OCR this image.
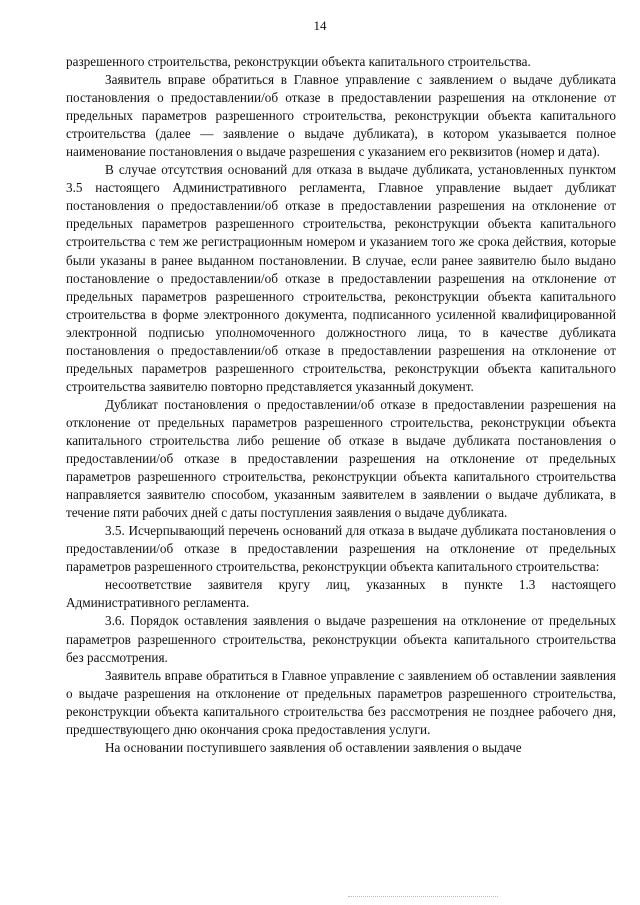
14

разрешенного строительства, реконструкции объекта капитального строительства.

Заявитель вправе обратиться в Главное управление с заявлением о выдаче дубликата постановления о предоставлении/об отказе в предоставлении разрешения на отклонение от предельных параметров разрешенного строительства, реконструкции объекта капитального строительства (далее — заявление о выдаче дубликата), в котором указывается полное наименование постановления о выдаче разрешения с указанием его реквизитов (номер и дата).

В случае отсутствия оснований для отказа в выдаче дубликата, установленных пунктом 3.5 настоящего Административного регламента, Главное управление выдает дубликат постановления о предоставлении/об отказе в предоставлении разрешения на отклонение от предельных параметров разрешенного строительства, реконструкции объекта капитального строительства с тем же регистрационным номером и указанием того же срока действия, которые были указаны в ранее выданном постановлении. В случае, если ранее заявителю было выдано постановление о предоставлении/об отказе в предоставлении разрешения на отклонение от предельных параметров разрешенного строительства, реконструкции объекта капитального строительства в форме электронного документа, подписанного усиленной квалифицированной электронной подписью уполномоченного должностного лица, то в качестве дубликата постановления о предоставлении/об отказе в предоставлении разрешения на отклонение от предельных параметров разрешенного строительства, реконструкции объекта капитального строительства заявителю повторно представляется указанный документ.

Дубликат постановления о предоставлении/об отказе в предоставлении разрешения на отклонение от предельных параметров разрешенного строительства, реконструкции объекта капитального строительства либо решение об отказе в выдаче дубликата постановления о предоставлении/об отказе в предоставлении разрешения на отклонение от предельных параметров разрешенного строительства, реконструкции объекта капитального строительства направляется заявителю способом, указанным заявителем в заявлении о выдаче дубликата, в течение пяти рабочих дней с даты поступления заявления о выдаче дубликата.

3.5. Исчерпывающий перечень оснований для отказа в выдаче дубликата постановления о предоставлении/об отказе в предоставлении разрешения на отклонение от предельных параметров разрешенного строительства, реконструкции объекта капитального строительства:

несоответствие заявителя кругу лиц, указанных в пункте 1.3 настоящего Административного регламента.

3.6. Порядок оставления заявления о выдаче разрешения на отклонение от предельных параметров разрешенного строительства, реконструкции объекта капитального строительства без рассмотрения.

Заявитель вправе обратиться в Главное управление с заявлением об оставлении заявления о выдаче разрешения на отклонение от предельных параметров разрешенного строительства, реконструкции объекта капитального строительства без рассмотрения не позднее рабочего дня, предшествующего дню окончания срока предоставления услуги.

На основании поступившего заявления об оставлении заявления о выдаче
